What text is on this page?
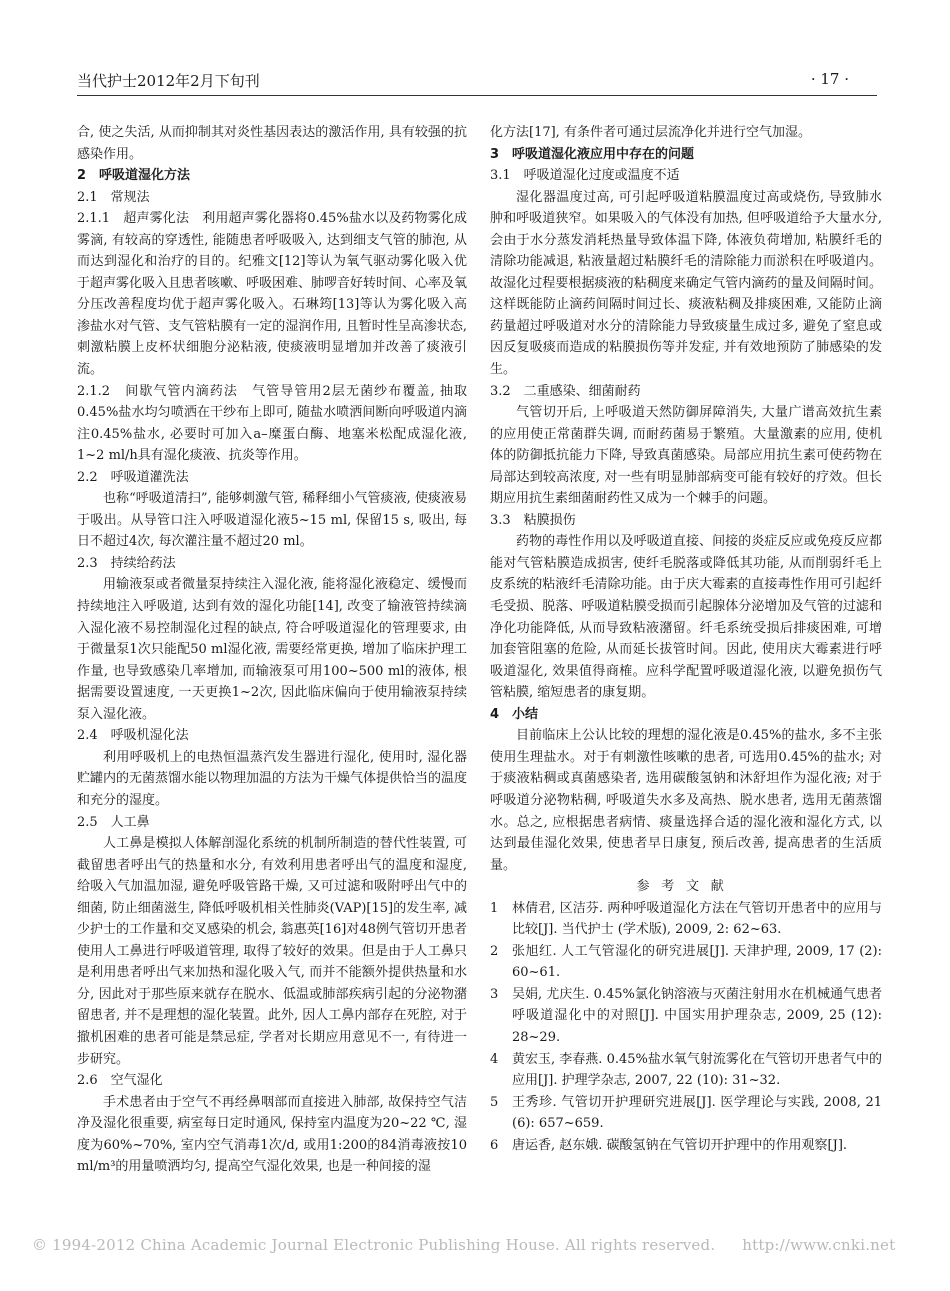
当代护士2012年2月下旬刊	· 17 ·

合, 使之失活, 从而抑制其对炎性基因表达的激活作用, 具有较强的抗感染作用。

2　呼吸道湿化方法

2.1　常规法

2.1.1　超声雾化法　利用超声雾化器将0.45%盐水以及药物雾化成雾滴, 有较高的穿透性, 能随患者呼吸吸入, 达到细支气管的肺泡, 从而达到湿化和治疗的目的。纪雅文[12]等认为氧气驱动雾化吸入优于超声雾化吸入且患者咳嗽、呼吸困难、肺啰音好转时间、心率及氧分压改善程度均优于超声雾化吸入。石琳筠[13]等认为雾化吸入高渗盐水对气管、支气管粘膜有一定的湿润作用, 且暂时性呈高渗状态, 刺激粘膜上皮杯状细胞分泌粘液, 使痰液明显增加并改善了痰液引流。

2.1.2　间歇气管内滴药法　气管导管用2层无菌纱布覆盖, 抽取0.45%盐水均匀喷洒在干纱布上即可, 随盐水喷洒间断向呼吸道内滴注0.45%盐水, 必要时可加入a–糜蛋白酶、地塞米松配成湿化液, 1~2 ml/h具有湿化痰液、抗炎等作用。

2.2　呼吸道灌洗法

也称“呼吸道清扫”, 能够刺激气管, 稀释细小气管痰液, 使痰液易于吸出。从导管口注入呼吸道湿化液5~15 ml, 保留15 s, 吸出, 每日不超过4次, 每次灌注量不超过20 ml。

2.3　持续给药法

用输液泵或者微量泵持续注入湿化液, 能将湿化液稳定、缓慢而持续地注入呼吸道, 达到有效的湿化功能[14], 改变了输液管持续滴入湿化液不易控制湿化过程的缺点, 符合呼吸道湿化的管理要求, 由于微量泵1次只能配50 ml湿化液, 需要经常更换, 增加了临床护理工作量, 也导致感染几率增加, 而输液泵可用100~500 ml的液体, 根据需要设置速度, 一天更换1~2次, 因此临床偏向于使用输液泵持续泵入湿化液。

2.4　呼吸机湿化法

利用呼吸机上的电热恒温蒸汽发生器进行湿化, 使用时, 湿化器贮罐内的无菌蒸馏水能以物理加温的方法为干燥气体提供恰当的温度和充分的湿度。

2.5　人工鼻

人工鼻是模拟人体解剖湿化系统的机制所制造的替代性装置, 可截留患者呼出气的热量和水分, 有效利用患者呼出气的温度和湿度, 给吸入气加温加湿, 避免呼吸管路干燥, 又可过滤和吸附呼出气中的细菌, 防止细菌滋生, 降低呼吸机相关性肺炎(VAP)[15]的发生率, 减少护士的工作量和交叉感染的机会, 翁惠英[16]对48例气管切开患者使用人工鼻进行呼吸道管理, 取得了较好的效果。但是由于人工鼻只是利用患者呼出气来加热和湿化吸入气, 而并不能额外提供热量和水分, 因此对于那些原来就存在脱水、低温或肺部疾病引起的分泌物潴留患者, 并不是理想的湿化装置。此外, 因人工鼻内部存在死腔, 对于撤机困难的患者可能是禁忌症, 学者对长期应用意见不一, 有待进一步研究。

2.6　空气湿化

手术患者由于空气不再经鼻咽部而直接进入肺部, 故保持空气洁净及湿化很重要, 病室每日定时通风, 保持室内温度为20~22 ℃, 湿度为60%~70%, 室内空气消毒1次/d, 或用1:200的84消毒液按10 ml/m³的用量喷洒均匀, 提高空气湿化效果, 也是一种间接的湿

化方法[17], 有条件者可通过层流净化并进行空气加湿。

3　呼吸道湿化液应用中存在的问题

3.1　呼吸道湿化过度或温度不适

湿化器温度过高, 可引起呼吸道粘膜温度过高或烧伤, 导致肺水肿和呼吸道狭窄。如果吸入的气体没有加热, 但呼吸道给予大量水分, 会由于水分蒸发消耗热量导致体温下降, 体液负荷增加, 粘膜纤毛的清除功能减退, 粘液量超过粘膜纤毛的清除能力而淤积在呼吸道内。故湿化过程要根据痰液的粘稠度来确定气管内滴药的量及间隔时间。这样既能防止滴药间隔时间过长、痰液粘稠及排痰困难, 又能防止滴药量超过呼吸道对水分的清除能力导致痰量生成过多, 避免了窒息或因反复吸痰而造成的粘膜损伤等并发症, 并有效地预防了肺感染的发生。

3.2　二重感染、细菌耐药

气管切开后, 上呼吸道天然防御屏障消失, 大量广谱高效抗生素的应用使正常菌群失调, 而耐药菌易于繁殖。大量激素的应用, 使机体的防御抵抗能力下降, 导致真菌感染。局部应用抗生素可使药物在局部达到较高浓度, 对一些有明显肺部病变可能有较好的疗效。但长期应用抗生素细菌耐药性又成为一个棘手的问题。

3.3　粘膜损伤

药物的毒性作用以及呼吸道直接、间接的炎症反应或免疫反应都能对气管粘膜造成损害, 使纤毛脱落或降低其功能, 从而削弱纤毛上皮系统的粘液纤毛清除功能。由于庆大霉素的直接毒性作用可引起纤毛受损、脱落、呼吸道粘膜受损而引起腺体分泌增加及气管的过滤和净化功能降低, 从而导致粘液潴留。纤毛系统受损后排痰困难, 可增加套管阻塞的危险, 从而延长拔管时间。因此, 使用庆大霉素进行呼吸道湿化, 效果值得商榷。应科学配置呼吸道湿化液, 以避免损伤气管粘膜, 缩短患者的康复期。

4　小结

目前临床上公认比较的理想的湿化液是0.45%的盐水, 多不主张使用生理盐水。对于有刺激性咳嗽的患者, 可选用0.45%的盐水; 对于痰液粘稠或真菌感染者, 选用碳酸氢钠和沐舒坦作为湿化液; 对于呼吸道分泌物粘稠, 呼吸道失水多及高热、脱水患者, 选用无菌蒸馏水。总之, 应根据患者病情、痰量选择合适的湿化液和湿化方式, 以达到最佳湿化效果, 使患者早日康复, 预后改善, 提高患者的生活质量。

参考文献

1	林倩君, 区洁芬. 两种呼吸道湿化方法在气管切开患者中的应用与比较[J]. 当代护士 (学术版), 2009, 2: 62~63.
2	张旭红. 人工气管湿化的研究进展[J]. 天津护理, 2009, 17 (2): 60~61.
3	吴娟, 尤庆生. 0.45%氯化钠溶液与灭菌注射用水在机械通气患者呼吸道湿化中的对照[J]. 中国实用护理杂志, 2009, 25 (12): 28~29.
4	黄宏玉, 李春燕. 0.45%盐水氧气射流雾化在气管切开患者气中的应用[J]. 护理学杂志, 2007, 22 (10): 31~32.
5	王秀珍. 气管切开护理研究进展[J]. 医学理论与实践, 2008, 21 (6): 657~659.
6	唐运香, 赵东娥. 碳酸氢钠在气管切开护理中的作用观察[J].
© 1994-2012 China Academic Journal Electronic Publishing House. All rights reserved. http://www.cnki.net
